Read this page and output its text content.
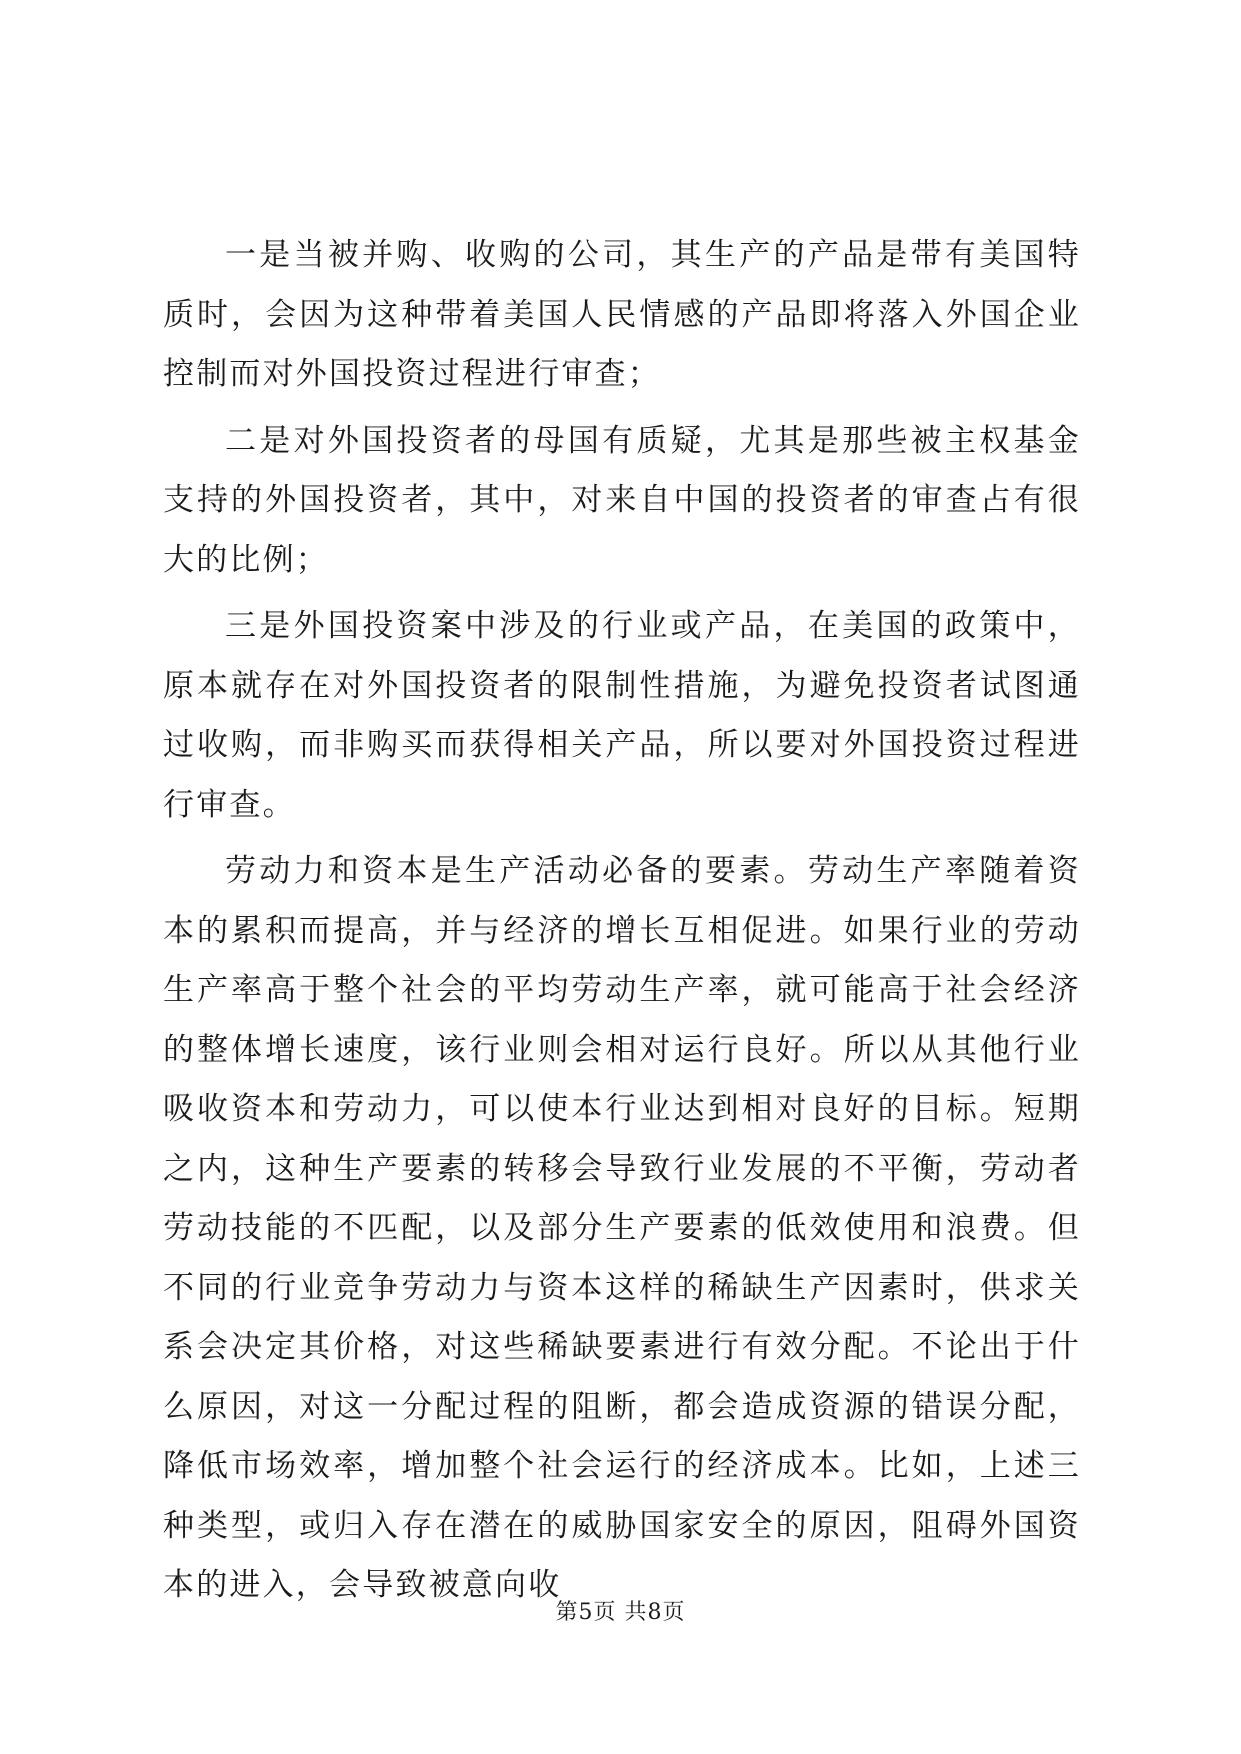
一是当被并购、收购的公司，其生产的产品是带有美国特质时，会因为这种带着美国人民情感的产品即将落入外国企业控制而对外国投资过程进行审查；

二是对外国投资者的母国有质疑，尤其是那些被主权基金支持的外国投资者，其中，对来自中国的投资者的审查占有很大的比例；

三是外国投资案中涉及的行业或产品，在美国的政策中，原本就存在对外国投资者的限制性措施，为避免投资者试图通过收购，而非购买而获得相关产品，所以要对外国投资过程进行审查。

劳动力和资本是生产活动必备的要素。劳动生产率随着资本的累积而提高，并与经济的增长互相促进。如果行业的劳动生产率高于整个社会的平均劳动生产率，就可能高于社会经济的整体增长速度，该行业则会相对运行良好。所以从其他行业吸收资本和劳动力，可以使本行业达到相对良好的目标。短期之内，这种生产要素的转移会导致行业发展的不平衡，劳动者劳动技能的不匹配，以及部分生产要素的低效使用和浪费。但不同的行业竞争劳动力与资本这样的稀缺生产因素时，供求关系会决定其价格，对这些稀缺要素进行有效分配。不论出于什么原因，对这一分配过程的阻断，都会造成资源的错误分配，降低市场效率，增加整个社会运行的经济成本。比如，上述三种类型，或归入存在潜在的威胁国家安全的原因，阻碍外国资本的进入，会导致被意向收

第5页 共8页
